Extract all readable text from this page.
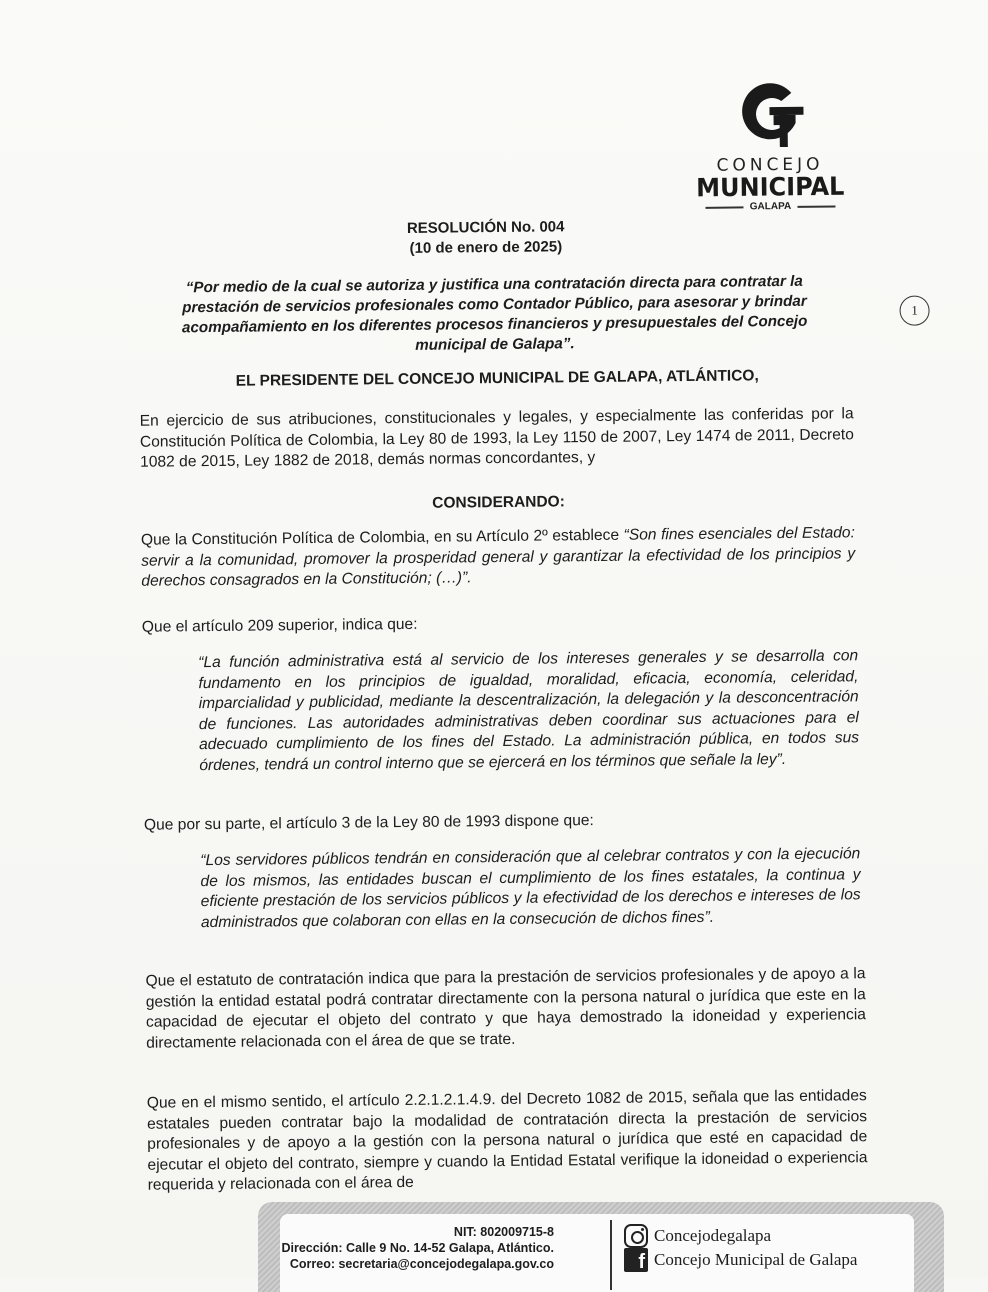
CONCEJO
MUNICIPAL
GALAPA
1
RESOLUCIÓN No. 004
(10 de enero de 2025)
“Por medio de la cual se autoriza y justifica una contratación directa para contratar la prestación de servicios profesionales como Contador Público, para asesorar y brindar acompañamiento en los diferentes procesos financieros y presupuestales del Concejo municipal de Galapa”.
EL PRESIDENTE DEL CONCEJO MUNICIPAL DE GALAPA, ATLÁNTICO,
En ejercicio de sus atribuciones, constitucionales y legales, y especialmente las conferidas por la Constitución Política de Colombia, la Ley 80 de 1993, la Ley 1150 de 2007, Ley 1474 de 2011, Decreto 1082 de 2015, Ley 1882 de 2018, demás normas concordantes, y
CONSIDERANDO:
Que la Constitución Política de Colombia, en su Artículo 2º establece “Son fines esenciales del Estado: servir a la comunidad, promover la prosperidad general y garantizar la efectividad de los principios y derechos consagrados en la Constitución; (…)”.
Que el artículo 209 superior, indica que:
“La función administrativa está al servicio de los intereses generales y se desarrolla con fundamento en los principios de igualdad, moralidad, eficacia, economía, celeridad, imparcialidad y publicidad, mediante la descentralización, la delegación y la desconcentración de funciones. Las autoridades administrativas deben coordinar sus actuaciones para el adecuado cumplimiento de los fines del Estado. La administración pública, en todos sus órdenes, tendrá un control interno que se ejercerá en los términos que señale la ley”.
Que por su parte, el artículo 3 de la Ley 80 de 1993 dispone que:
“Los servidores públicos tendrán en consideración que al celebrar contratos y con la ejecución de los mismos, las entidades buscan el cumplimiento de los fines estatales, la continua y eficiente prestación de los servicios públicos y la efectividad de los derechos e intereses de los administrados que colaboran con ellas en la consecución de dichos fines”.
Que el estatuto de contratación indica que para la prestación de servicios profesionales y de apoyo a la gestión la entidad estatal podrá contratar directamente con la persona natural o jurídica que este en la capacidad de ejecutar el objeto del contrato y que haya demostrado la idoneidad y experiencia directamente relacionada con el área de que se trate.
Que en el mismo sentido, el artículo 2.2.1.2.1.4.9. del Decreto 1082 de 2015, señala que las entidades estatales pueden contratar bajo la modalidad de contratación directa la prestación de servicios profesionales y de apoyo a la gestión con la persona natural o jurídica que esté en capacidad de ejecutar el objeto del contrato, siempre y cuando la Entidad Estatal verifique la idoneidad o experiencia requerida y relacionada con el área de
NIT: 802009715-8
Dirección: Calle 9 No. 14-52 Galapa, Atlántico.
Correo: secretaria@concejodegalapa.gov.co
Concejodegalapa
f Concejo Municipal de Galapa
